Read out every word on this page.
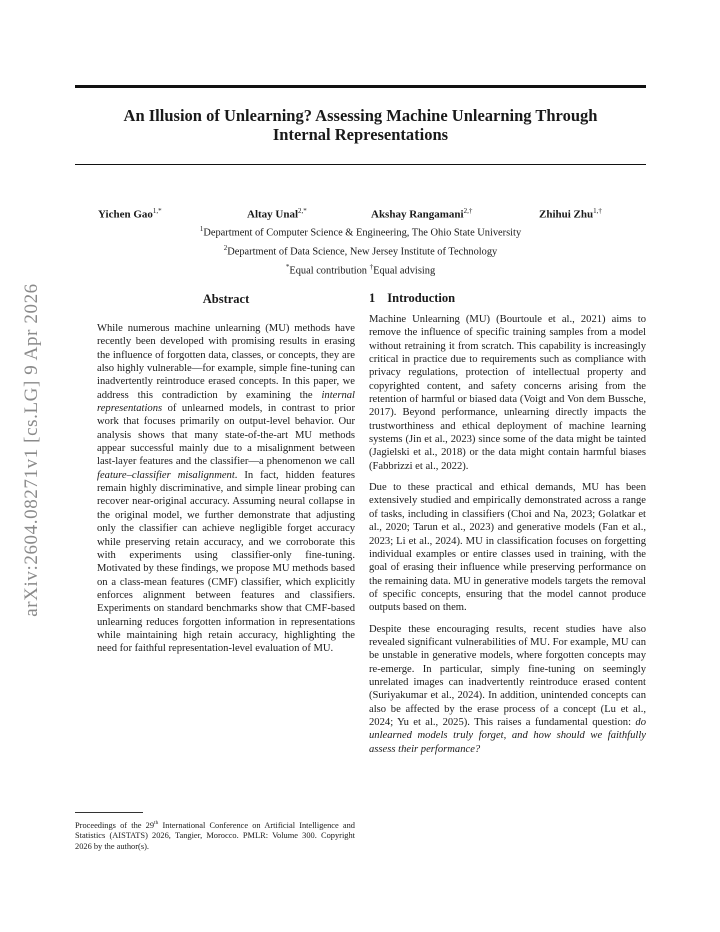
An Illusion of Unlearning? Assessing Machine Unlearning Through
Internal Representations
Yichen Gao$^{1,*}$	Altay Unal$^{2,*}$	Akshay Rangamani$^{2,\dagger}$	Zhihui Zhu$^{1,\dagger}$
$^1$Department of Computer Science & Engineering, The Ohio State University
$^2$Department of Data Science, New Jersey Institute of Technology
*Equal contribution †Equal advising
arXiv:2604.08271v1 [cs.LG] 9 Apr 2026	Abstract
While numerous machine unlearning (MU) methods have recently been developed with promising results in erasing the influence of forgotten data, classes, or concepts, they are also highly vulnerable—for example, simple fine-tuning can inadvertently reintroduce erased concepts. In this paper, we address this contradiction by examining the internal representations of unlearned models, in contrast to prior work that focuses primarily on output-level behavior. Our analysis shows that many state-of-the-art MU methods appear successful mainly due to a misalignment between last-layer features and the classifier—a phenomenon we call feature–classifier misalignment. In fact, hidden features remain highly discriminative, and simple linear probing can recover near-original accuracy. Assuming neural collapse in the original model, we further demonstrate that adjusting only the classifier can achieve negligible forget accuracy while preserving retain accuracy, and we corroborate this with experiments using classifier-only fine-tuning. Motivated by these findings, we propose MU methods based on a class-mean features (CMF) classifier, which explicitly enforces alignment between features and classifiers. Experiments on standard benchmarks show that CMF-based unlearning reduces forgotten information in representations while maintaining high retain accuracy, highlighting the need for faithful representation-level evaluation of MU.
Proceedings of the 29th International Conference on Artificial Intelligence and Statistics (AISTATS) 2026, Tangier, Morocco. PMLR: Volume 300. Copyright 2026 by the author(s).
1 Introduction

Machine Unlearning (MU) (Bourtoule et al., 2021) aims to remove the influence of specific training samples from a model without retraining it from scratch. This capability is increasingly critical in practice due to requirements such as compliance with privacy regulations, protection of intellectual property and copyrighted content, and safety concerns arising from the retention of harmful or biased data (Voigt and Von dem Bussche, 2017). Beyond performance, unlearning directly impacts the trustworthiness and ethical deployment of machine learning systems (Jin et al., 2023) since some of the data might be tainted (Jagielski et al., 2018) or the data might contain harmful biases (Fabbrizzi et al., 2022).

Due to these practical and ethical demands, MU has been extensively studied and empirically demonstrated across a range of tasks, including in classifiers (Choi and Na, 2023; Golatkar et al., 2020; Tarun et al., 2023) and generative models (Fan et al., 2023; Li et al., 2024). MU in classification focuses on forgetting individual examples or entire classes used in training, with the goal of erasing their influence while preserving performance on the remaining data. MU in generative models targets the removal of specific concepts, ensuring that the model cannot produce outputs based on them.

Despite these encouraging results, recent studies have also revealed significant vulnerabilities of MU. For example, MU can be unstable in generative models, where forgotten concepts may re-emerge. In particular, simply fine-tuning on seemingly unrelated images can inadvertently reintroduce erased content (Suriyakumar et al., 2024). In addition, unintended concepts can also be affected by the erase process of a concept (Lu et al., 2024; Yu et al., 2025). This raises a fundamental question: do unlearned models truly forget, and how should we faithfully assess their performance?
